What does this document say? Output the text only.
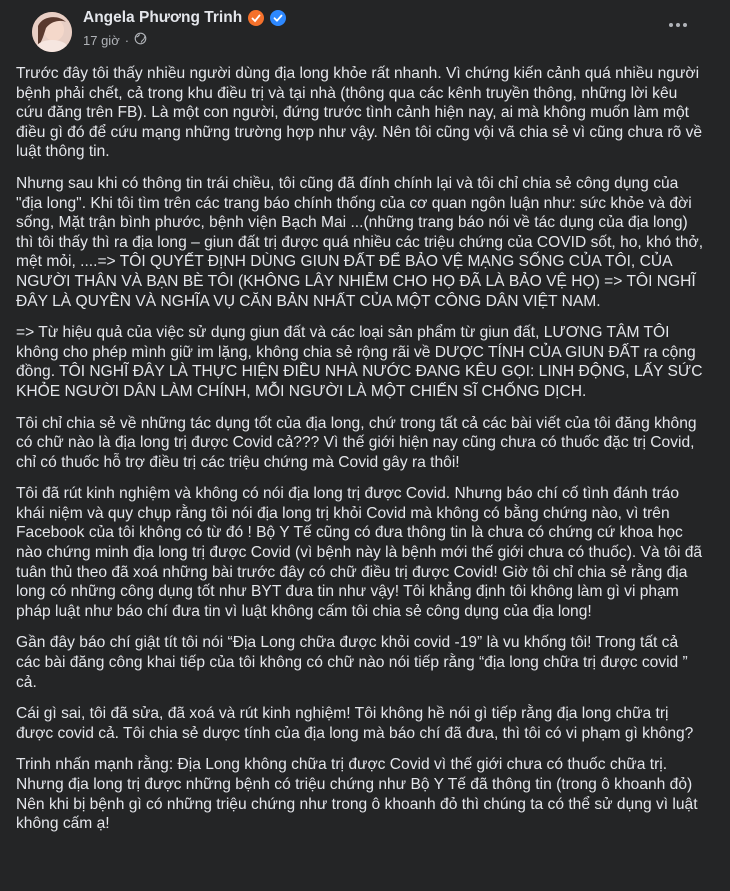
Angela Phương Trinh
17 giờ ·

Trước đây tôi thấy nhiều người dùng địa long khỏe rất nhanh. Vì chứng kiến cảnh quá nhiều người bệnh phải chết, cả trong khu điều trị và tại nhà (thông qua các kênh truyền thông, những lời kêu cứu đăng trên FB). Là một con người, đứng trước tình cảnh hiện nay, ai mà không muốn làm một điều gì đó để cứu mạng những trường hợp như vậy. Nên tôi cũng vội vã chia sẻ vì cũng chưa rõ về luật thông tin.

Nhưng sau khi có thông tin trái chiều, tôi cũng đã đính chính lại và tôi chỉ chia sẻ công dụng của "địa long". Khi tôi tìm trên các trang báo chính thống của cơ quan ngôn luận như: sức khỏe và đời sống, Mặt trận bình phước, bệnh viện Bạch Mai ...(những trang báo nói về tác dụng của địa long) thì tôi thấy thì ra địa long – giun đất trị được quá nhiều các triệu chứng của COVID sốt, ho, khó thở, mệt mỏi, ....=> TÔI QUYẾT ĐỊNH DÙNG GIUN ĐẤT ĐỂ BẢO VỆ MẠNG SỐNG CỦA TÔI, CỦA NGƯỜI THÂN VÀ BẠN BÈ TÔI (KHÔNG LÂY NHIỄM CHO HỌ ĐÃ LÀ BẢO VỆ HỌ) => TÔI NGHĨ ĐÂY LÀ QUYỀN VÀ NGHĨA VỤ CĂN BẢN NHẤT CỦA MỘT CÔNG DÂN VIỆT NAM.

=> Từ hiệu quả của việc sử dụng giun đất và các loại sản phẩm từ giun đất, LƯƠNG TÂM TÔI không cho phép mình giữ im lặng, không chia sẻ rộng rãi về DƯỢC TÍNH CỦA GIUN ĐẤT ra cộng đồng. TÔI NGHĨ ĐÂY LÀ THỰC HIỆN ĐIỀU NHÀ NƯỚC ĐANG KÊU GỌI: LINH ĐỘNG, LẤY SỨC KHỎE NGƯỜI DÂN LÀM CHÍNH, MỖI NGƯỜI LÀ MỘT CHIẾN SĨ CHỐNG DỊCH.

Tôi chỉ chia sẻ về những tác dụng tốt của địa long, chứ trong tất cả các bài viết của tôi đăng không có chữ nào là địa long trị được Covid cả??? Vì thế giới hiện nay cũng chưa có thuốc đặc trị Covid, chỉ có thuốc hỗ trợ điều trị các triệu chứng mà Covid gây ra thôi!

Tôi đã rút kinh nghiệm và không có nói địa long trị được Covid. Nhưng báo chí cố tình đánh tráo khái niệm và quy chụp rằng tôi nói địa long trị khỏi Covid mà không có bằng chứng nào, vì trên Facebook của tôi không có từ đó ! Bộ Y Tế cũng có đưa thông tin là chưa có chứng cứ khoa học nào chứng minh địa long trị được Covid (vì bệnh này là bệnh mới thế giới chưa có thuốc). Và tôi đã tuân thủ theo đã xoá những bài trước đây có chữ điều trị được Covid! Giờ tôi chỉ chia sẻ rằng địa long có những công dụng tốt như BYT đưa tin như vậy! Tôi khẳng định tôi không làm gì vi phạm pháp luật như báo chí đưa tin vì luật không cấm tôi chia sẻ công dụng của địa long!

Gần đây báo chí giật tít tôi nói “Địa Long chữa được khỏi covid -19” là vu khống tôi! Trong tất cả các bài đăng công khai tiếp của tôi không có chữ nào nói tiếp rằng “địa long chữa trị được covid ” cả.

Cái gì sai, tôi đã sửa, đã xoá và rút kinh nghiệm! Tôi không hề nói gì tiếp rằng địa long chữa trị được covid cả. Tôi chia sẻ dược tính của địa long mà báo chí đã đưa, thì tôi có vi phạm gì không?

Trinh nhấn mạnh rằng: Địa Long không chữa trị được Covid vì thế giới chưa có thuốc chữa trị. Nhưng địa long trị được những bệnh có triệu chứng như Bộ Y Tế đã thông tin (trong ô khoanh đỏ) Nên khi bị bệnh gì có những triệu chứng như trong ô khoanh đỏ thì chúng ta có thể sử dụng vì luật không cấm ạ!
